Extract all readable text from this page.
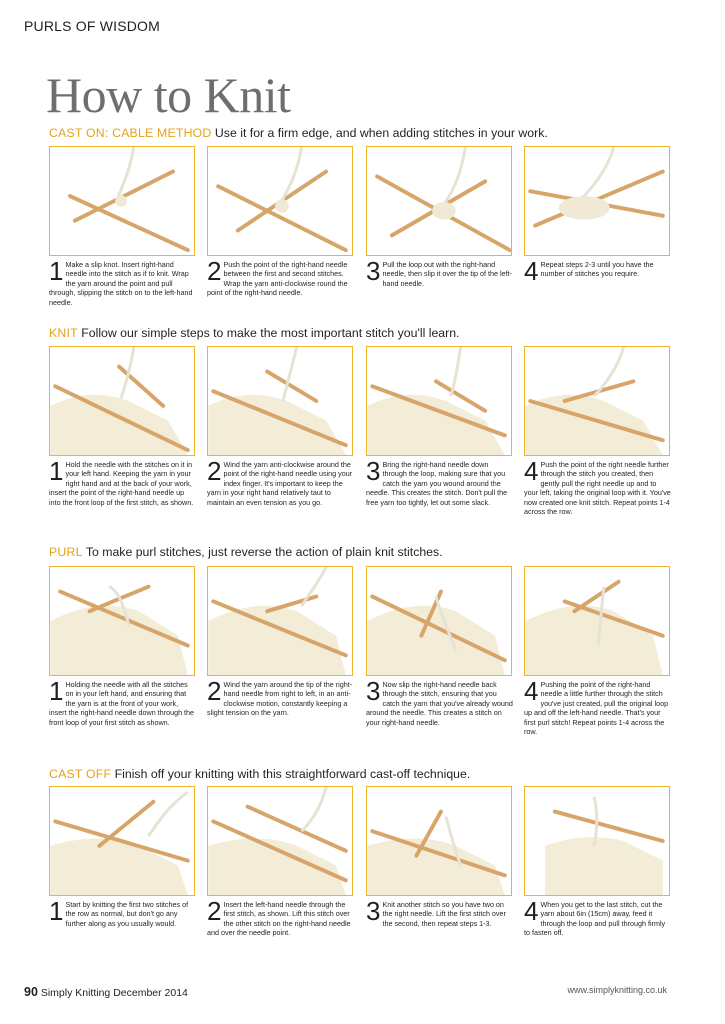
PURLS OF WISDOM
How to Knit
CAST ON: CABLE METHOD Use it for a firm edge, and when adding stitches in your work.
1 Make a slip knot. Insert right-hand needle into the stitch as if to knit. Wrap the yarn around the point and pull through, slipping the stitch on to the left-hand needle.
2 Push the point of the right-hand needle between the first and second stitches. Wrap the yarn anti-clockwise round the point of the right-hand needle.
3 Pull the loop out with the right-hand needle, then slip it over the tip of the left-hand needle.	4 Repeat steps 2-3 until you have the number of stitches you require.
KNIT Follow our simple steps to make the most important stitch you'll learn.
1 Hold the needle with the stitches on it in your left hand. Keeping the yarn in your right hand and at the back of your work, insert the point of the right-hand needle up into the front loop of the first stitch, as shown.
2 Wind the yarn anti-clockwise around the point of the right-hand needle using your index finger. It's important to keep the yarn in your right hand relatively taut to maintain an even tension as you go.
3 Bring the right-hand needle down through the loop, making sure that you catch the yarn you wound around the needle. This creates the stitch. Don't pull the free yarn too tightly, let out some slack.
4 Push the point of the right needle further through the stitch you created, then gently pull the right needle up and to your left, taking the original loop with it. You've now created one knit stitch. Repeat points 1-4 across the row.
PURL To make purl stitches, just reverse the action of plain knit stitches.
1 Holding the needle with all the stitches on in your left hand, and ensuring that the yarn is at the front of your work, insert the right-hand needle down through the front loop of your first stitch as shown.
2 Wind the yarn around the tip of the right-hand needle from right to left, in an anti-clockwise motion, constantly keeping a slight tension on the yarn.
3 Now slip the right-hand needle back through the stitch, ensuring that you catch the yarn that you've already wound around the needle. This creates a stitch on your right-hand needle.
4 Pushing the point of the right-hand needle a little further through the stitch you've just created, pull the original loop up and off the left-hand needle. That's your first purl stitch! Repeat points 1-4 across the row.
CAST OFF Finish off your knitting with this straightforward cast-off technique.
1 Start by knitting the first two stitches of the row as normal, but don't go any further along as you usually would.	2 Insert the left-hand needle through the first stitch, as shown. Lift this stitch over the other stitch on the right-hand needle and over the needle point.
3 Knit another stitch so you have two on the right needle. Lift the first stitch over the second, then repeat steps 1-3.	4 When you get to the last stitch, cut the yarn about 6in (15cm) away, feed it through the loop and pull through firmly to fasten off.
90 Simply Knitting December 2014	www.simplyknitting.co.uk
